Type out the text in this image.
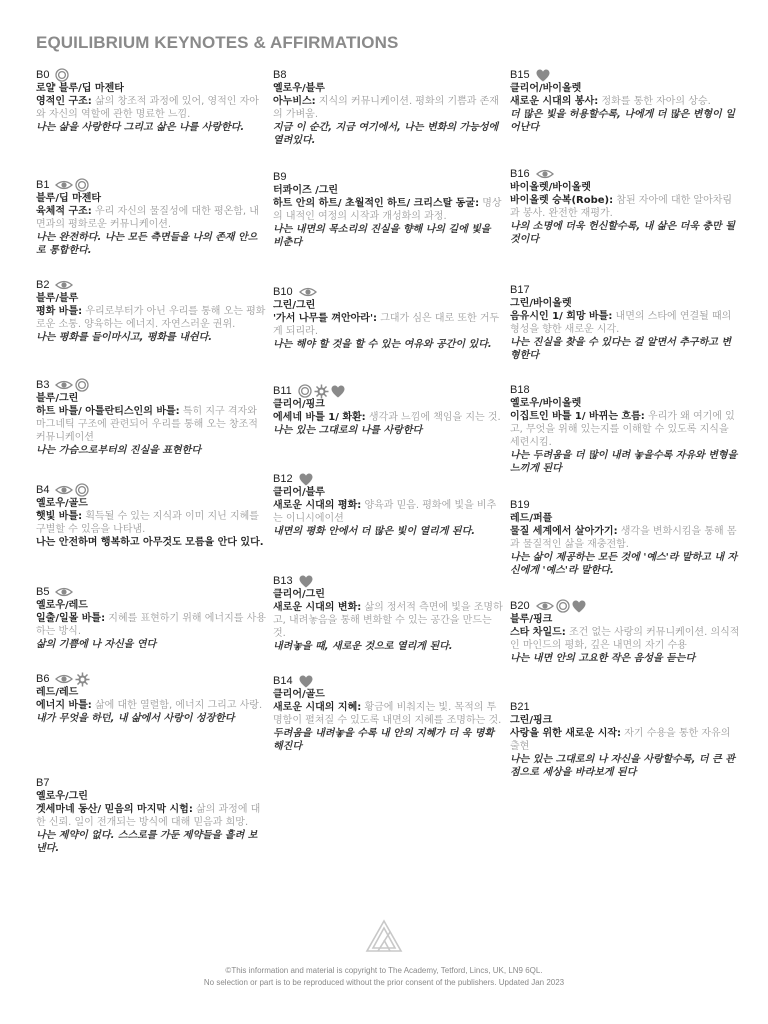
EQUILIBRIUM KEYNOTES & AFFIRMATIONS
B0
로얄 블루/딥 마젠타
영적인 구조: 삶의 창조적 과정에 있어, 영적인 자아와 자신의 역할에 관한 명료한 느낌.
나는 삶을 사랑한다 그리고 삶은 나를 사랑한다.
B1
블루/딥 마젠타
육체적 구조: 우리 자신의 물질성에 대한 평온함, 내면과의 평화로운 커뮤니케이션.
나는 완전하다. 나는 모든 측면들을 나의 존재 안으로 통합한다.
B2
블루/블루
평화 바틀: 우리로부터가 아닌 우리를 통해 오는 평화로운 소통. 양육하는 에너지. 자연스러운 권위.
나는 평화를 들이마시고, 평화를 내쉰다.
B3
블루/그린
하트 바틀/ 아틀란티스인의 바틀: 특히 지구 격자와 마그네틱 구조에 관련되어 우리를 통해 오는 창조적 커뮤니케이션
나는 가슴으로부터의 진실을 표현한다
B4
옐로우/골드
햇빛 바틀: 획득될 수 있는 지식과 이미 지닌 지혜를 구별할 수 있음을 나타냄.
나는 안전하며 행복하고 아무것도 모름을 안다 있다.
B5
옐로우/레드
일출/일몰 바틀: 지혜를 표현하기 위해 에너지를 사용하는 방식.
삶의 기쁨에 나 자신을 연다
B6
레드/레드
에너지 바틀: 삶에 대한 열렬함, 에너지 그리고 사랑.
내가 무엇을 하던, 내 삶에서 사랑이 성장한다
B7
옐로우/그린
겟세마네 동산/ 믿음의 마지막 시험: 삶의 과정에 대한 신뢰. 일이 전개되는 방식에 대해 믿음과 희망.
나는 제약이 없다. 스스로를 가둔 제약들을 흘려 보낸다.
B8
옐로우/블루
아누비스: 지식의 커뮤니케이션. 평화의 기쁨과 존재의 가벼움.
지금 이 순간, 지금 여기에서, 나는 변화의 가능성에 열려있다.
B9
터콰이즈 /그린
하트 안의 하트/ 초월적인 하트/ 크리스탈 동굴: 명상의 내적인 여정의 시작과 개성화의 과정.
나는 내면의 목소리의 진실을 향해 나의 길에 빛을 비춘다
B10
그린/그린
'가서 나무를 껴안아라': 그대가 심은 대로 또한 거두게 되리라.
나는 해야 할 것을 할 수 있는 여유와 공간이 있다.
B11
클리어/핑크
에세네 바틀 1/ 화환: 생각과 느낌에 책임을 지는 것.
나는 있는 그대로의 나를 사랑한다
B12
클리어/블루
새로운 시대의 평화: 양육과 믿음. 평화에 빛을 비추는 이니시에이션
내면의 평화 안에서 더 많은 빛이 열리게 된다.
B13
클리어/그린
새로운 시대의 변화: 삶의 정서적 측면에 빛을 조명하고, 내려놓음을 통해 변화할 수 있는 공간을 만드는 것.
내려놓을 때, 새로운 것으로 열리게 된다.
B14
클리어/골드
새로운 시대의 지혜: 황금에 비춰지는 빛. 목적의 투명함이 펼쳐질 수 있도록 내면의 지혜를 조명하는 것.
두려움을 내려놓을 수록 내 안의 지혜가 더 욱 명확 해진다
B15
클리어/바이올렛
새로운 시대의 봉사: 정화를 통한 자아의 상승.
더 많은 빛을 허용할수록, 나에게 더 많은 변형이 일어난다
B16
바이올렛/바이올렛
바이올렛 승복(Robe): 참된 자아에 대한 알아차림과 봉사. 완전한 재평가.
나의 소명에 더욱 헌신할수록, 내 삶은 더욱 충만 될 것이다
B17
그린/바이올렛
음유시인 1/ 희망 바틀: 내면의 스타에 연결될 때의 형성을 향한 새로운 시각.
나는 진실을 찾을 수 있다는 걸 알면서 추구하고 변형한다
B18
옐로우/바이올렛
이집트인 바틀 1/ 바뀌는 흐름: 우리가 왜 여기에 있고, 무엇을 위해 있는지를 이해할 수 있도록 지식을 세련시킴.
나는 두려움을 더 많이 내려 놓을수록 자유와 변형을 느끼게 된다
B19
레드/퍼플
물질 세계에서 살아가기: 생각을 변화시킴을 통해 몸과 물질적인 삶을 재충전함.
나는 삶이 제공하는 모든 것에 '예스'라 말하고 내 자신에게 '예스'라 말한다.
B20
블루/핑크
스타 차일드: 조건 없는 사랑의 커뮤니케이션. 의식적인 마인드의 평화, 깊은 내면의 자기 수용
나는 내면 안의 고요한 작은 음성을 듣는다
B21
그린/핑크
사랑을 위한 새로운 시작: 자기 수용을 통한 자유의 출현
나는 있는 그대로의 나 자신을 사랑할수록, 더 큰 관점으로 세상을 바라보게 된다
©This information and material is copyright to The Academy, Tetford, Lincs, UK, LN9 6QL.
No selection or part is to be reproduced without the prior consent of the publishers. Updated Jan 2023
